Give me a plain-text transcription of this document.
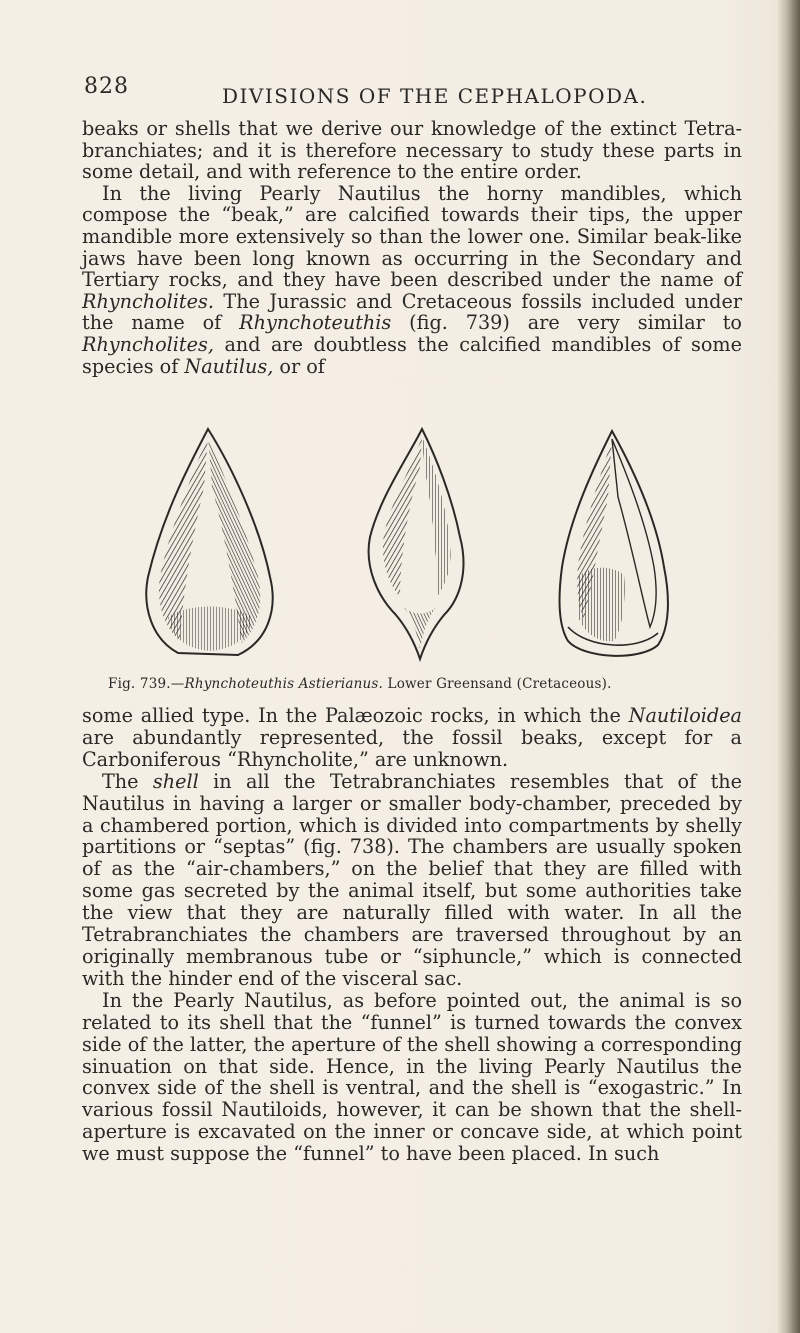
828	DIVISIONS OF THE CEPHALOPODA.

beaks or shells that we derive our knowledge of the extinct Tetra-branchiates; and it is therefore necessary to study these parts in some detail, and with reference to the entire order.

In the living Pearly Nautilus the horny mandibles, which compose the “beak,” are calcified towards their tips, the upper mandible more extensively so than the lower one. Similar beak-like jaws have been long known as occurring in the Secondary and Tertiary rocks, and they have been described under the name of Rhyncholites. The Jurassic and Cretaceous fossils included under the name of Rhynchoteuthis (fig. 739) are very similar to Rhyncholites, and are doubtless the calcified mandibles of some species of Nautilus, or of

Fig. 739.—Rhynchoteuthis Astierianus. Lower Greensand (Cretaceous).

some allied type. In the Palæozoic rocks, in which the Nautiloidea are abundantly represented, the fossil beaks, except for a Carboniferous “Rhyncholite,” are unknown.

The shell in all the Tetrabranchiates resembles that of the Nautilus in having a larger or smaller body-chamber, preceded by a chambered portion, which is divided into compartments by shelly partitions or “septas” (fig. 738). The chambers are usually spoken of as the “air-chambers,” on the belief that they are filled with some gas secreted by the animal itself, but some authorities take the view that they are naturally filled with water. In all the Tetrabranchiates the chambers are traversed throughout by an originally membranous tube or “siphuncle,” which is connected with the hinder end of the visceral sac.

In the Pearly Nautilus, as before pointed out, the animal is so related to its shell that the “funnel” is turned towards the convex side of the latter, the aperture of the shell showing a corresponding sinuation on that side. Hence, in the living Pearly Nautilus the convex side of the shell is ventral, and the shell is “exogastric.” In various fossil Nautiloids, however, it can be shown that the shell-aperture is excavated on the inner or concave side, at which point we must suppose the “funnel” to have been placed. In such
